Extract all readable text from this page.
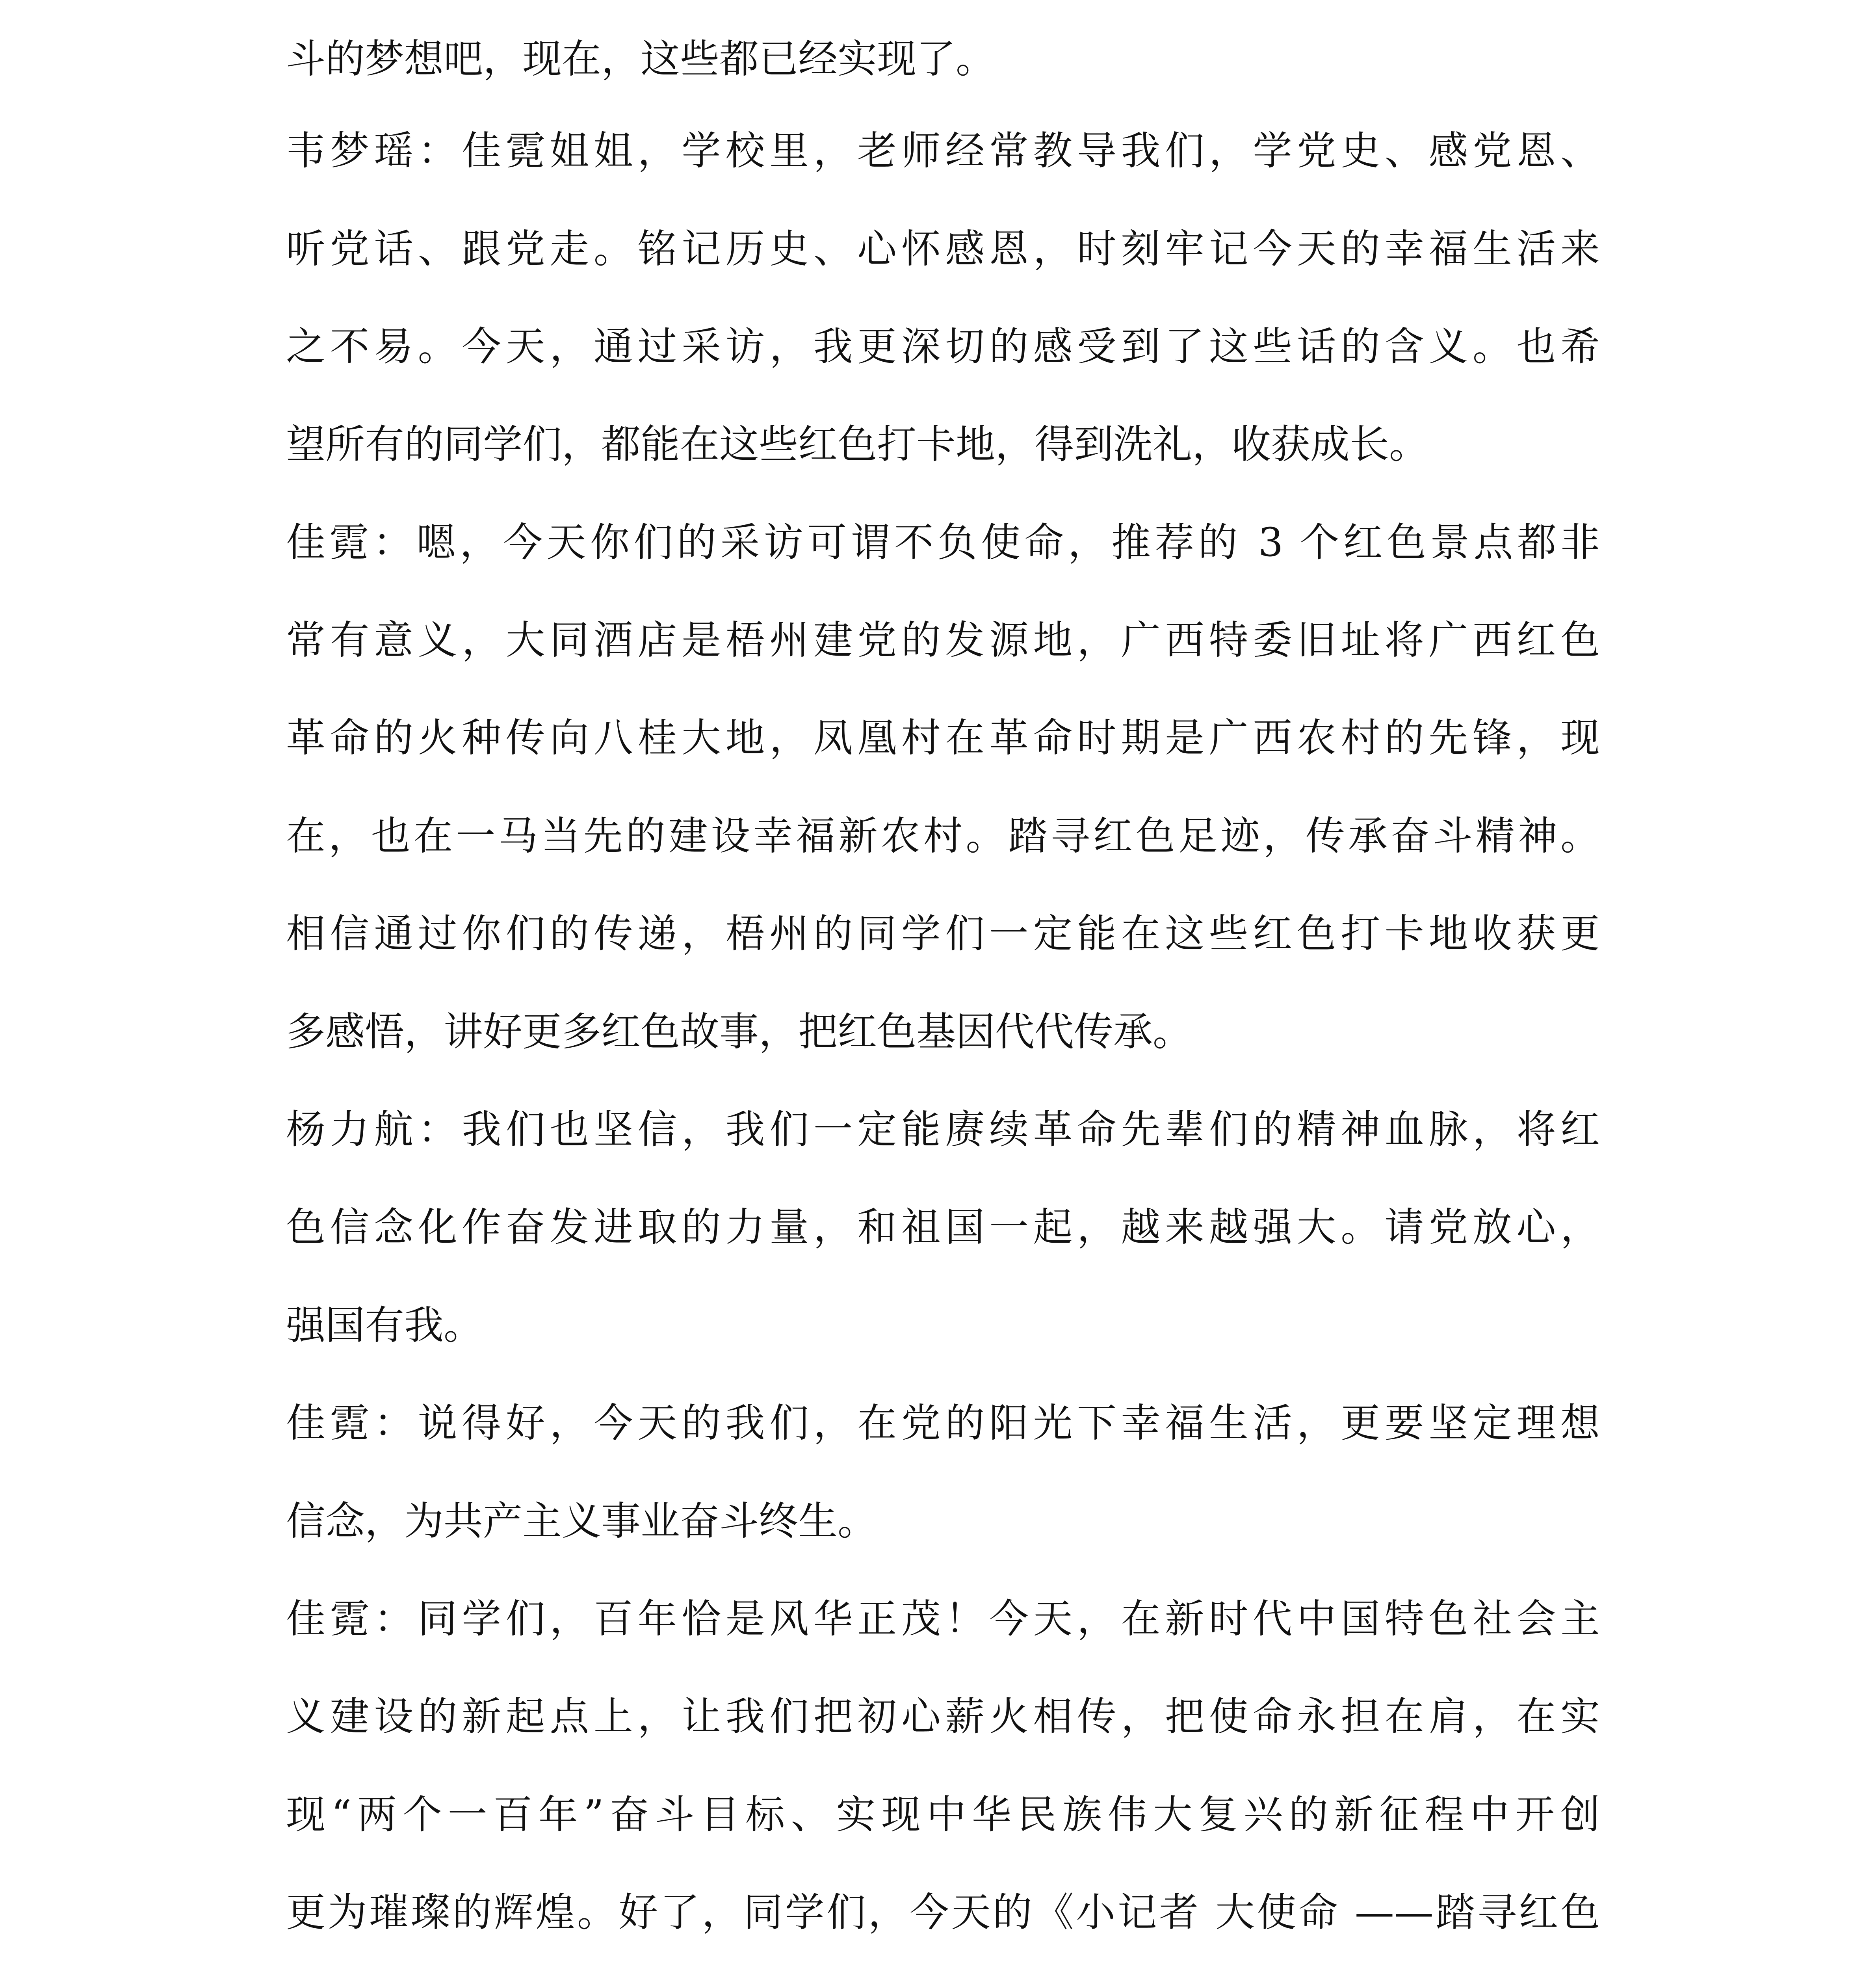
斗的梦想吧，现在，这些都已经实现了。
韦梦瑶：佳霓姐姐，学校里，老师经常教导我们，学党史、感党恩、
听党话、跟党走。铭记历史、心怀感恩，时刻牢记今天的幸福生活来
之不易。今天，通过采访，我更深切的感受到了这些话的含义。也希
望所有的同学们，都能在这些红色打卡地，得到洗礼，收获成长。
佳霓：嗯，今天你们的采访可谓不负使命，推荐的 3 个红色景点都非
常有意义，大同酒店是梧州建党的发源地，广西特委旧址将广西红色
革命的火种传向八桂大地，凤凰村在革命时期是广西农村的先锋，现
在，也在一马当先的建设幸福新农村。踏寻红色足迹，传承奋斗精神。
相信通过你们的传递，梧州的同学们一定能在这些红色打卡地收获更
多感悟，讲好更多红色故事，把红色基因代代传承。
杨力航：我们也坚信，我们一定能赓续革命先辈们的精神血脉，将红
色信念化作奋发进取的力量，和祖国一起，越来越强大。请党放心，
强国有我。
佳霓：说得好，今天的我们，在党的阳光下幸福生活，更要坚定理想
信念，为共产主义事业奋斗终生。
佳霓：同学们，百年恰是风华正茂！今天，在新时代中国特色社会主
义建设的新起点上，让我们把初心薪火相传，把使命永担在肩，在实
现“两个一百年”奋斗目标、实现中华民族伟大复兴的新征程中开创
更为璀璨的辉煌。好了，同学们，今天的《小记者 大使命 ——踏寻红色
